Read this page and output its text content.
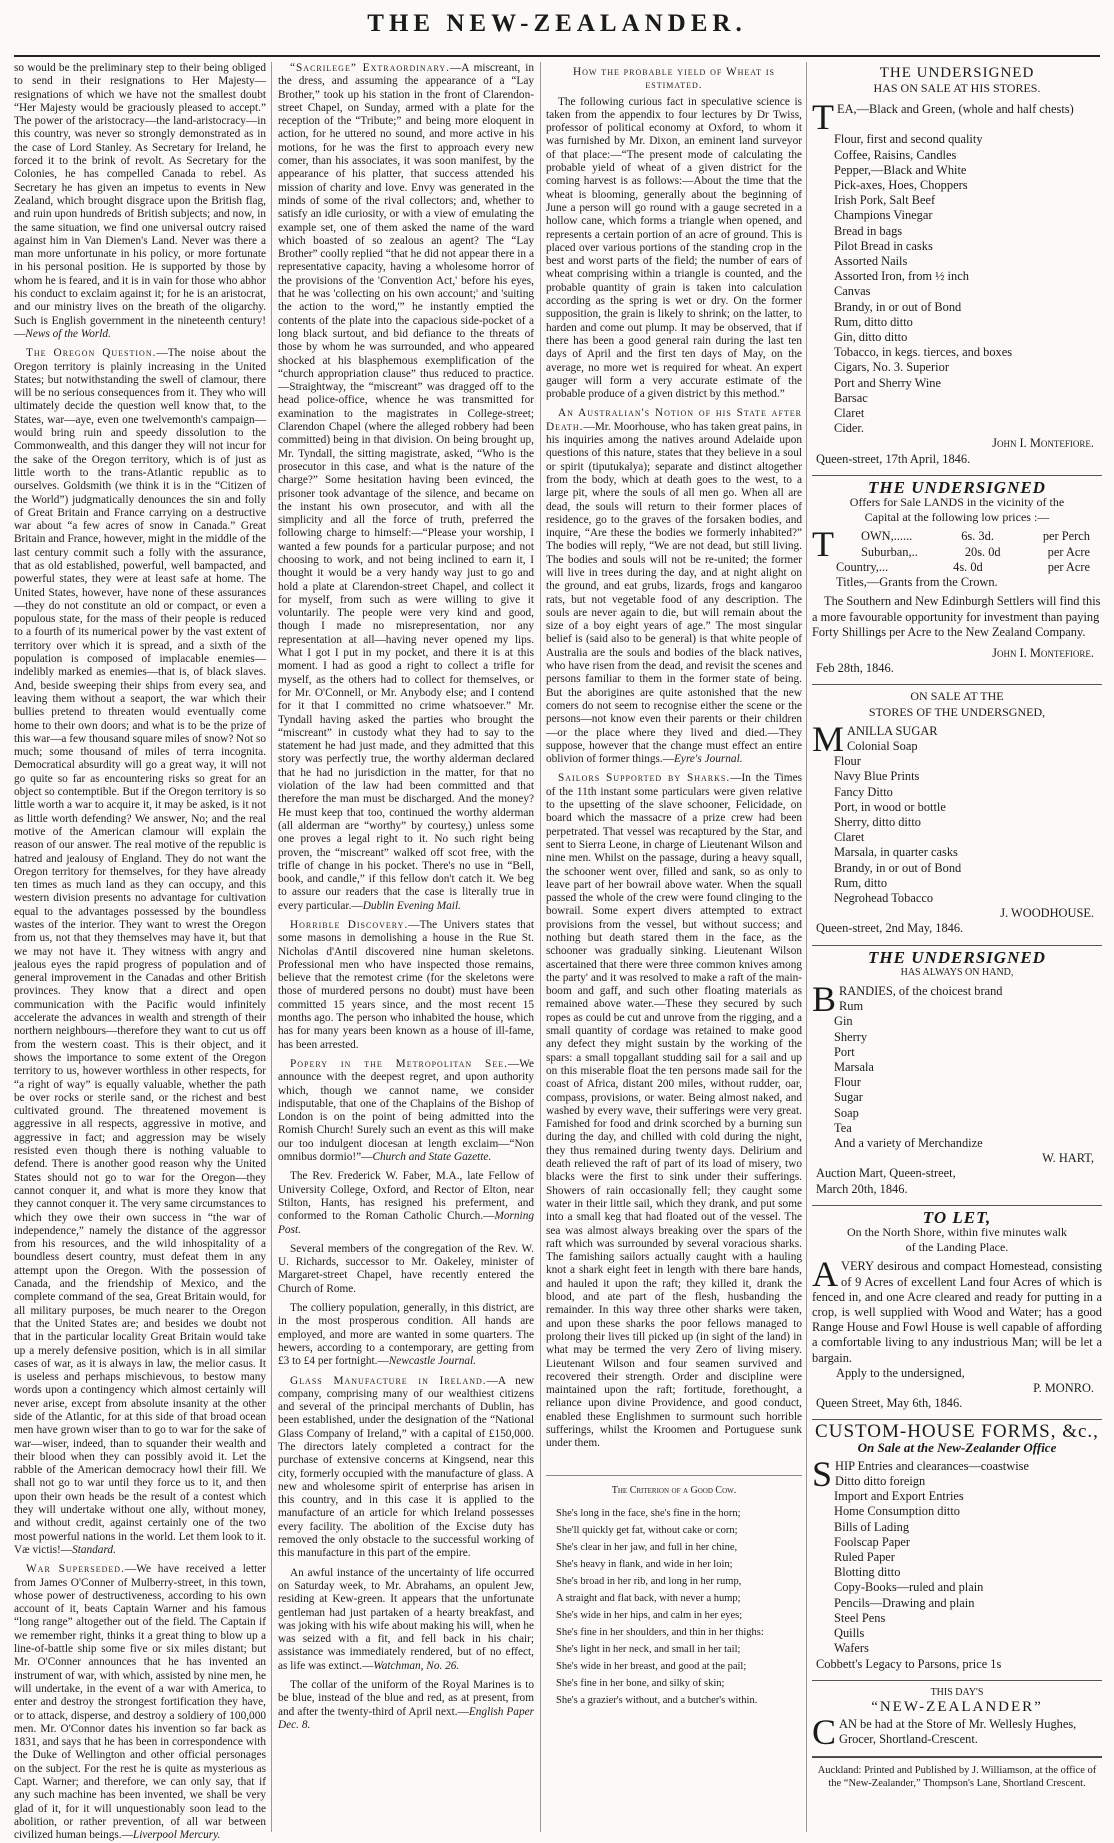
THE NEW-ZEALANDER.

so would be the preliminary step to their being obliged to send in their resignations to Her Majesty—resignations of which we have not the smallest doubt “Her Majesty would be graciously pleased to accept.” The power of the aristocracy—the land-aristocracy—in this country, was never so strongly demonstrated as in the case of Lord Stanley. As Secretary for Ireland, he forced it to the brink of revolt. As Secretary for the Colonies, he has compelled Canada to rebel. As Secretary he has given an impetus to events in New Zealand, which brought disgrace upon the British flag, and ruin upon hundreds of British subjects; and now, in the same situation, we find one universal outcry raised against him in Van Diemen's Land. Never was there a man more unfortunate in his policy, or more fortunate in his personal position. He is supported by those by whom he is feared, and it is in vain for those who abhor his conduct to exclaim against it; for he is an aristocrat, and our ministry lives on the breath of the oligarchy. Such is English government in the nineteenth century!—News of the World.

The Oregon Question.—The noise about the Oregon territory is plainly increasing in the United States; but notwithstanding the swell of clamour, there will be no serious consequences from it. They who will ultimately decide the question well know that, to the States, war—aye, even one twelvemonth's campaign—would bring ruin and speedy dissolution to the Commonwealth, and this danger they will not incur for the sake of the Oregon territory, which is of just as little worth to the trans-Atlantic republic as to ourselves. Goldsmith (we think it is in the “Citizen of the World”) judgmatically denounces the sin and folly of Great Britain and France carrying on a destructive war about “a few acres of snow in Canada.” Great Britain and France, however, might in the middle of the last century commit such a folly with the assurance, that as old established, powerful, well bampacted, and powerful states, they were at least safe at home. The United States, however, have none of these assurances—they do not constitute an old or compact, or even a populous state, for the mass of their people is reduced to a fourth of its numerical power by the vast extent of territory over which it is spread, and a sixth of the population is composed of implacable enemies—indelibly marked as enemies—that is, of black slaves. And, beside sweeping their ships from every sea, and leaving them without a seaport, the war which their bullies pretend to threaten would eventually come home to their own doors; and what is to be the prize of this war—a few thousand square miles of snow? Not so much; some thousand of miles of terra incognita. Democratical absurdity will go a great way, it will not go quite so far as encountering risks so great for an object so contemptible. But if the Oregon territory is so little worth a war to acquire it, it may be asked, is it not as little worth defending? We answer, No; and the real motive of the American clamour will explain the reason of our answer. The real motive of the republic is hatred and jealousy of England. They do not want the Oregon territory for themselves, for they have already ten times as much land as they can occupy, and this western division presents no advantage for cultivation equal to the advantages possessed by the boundless wastes of the interior. They want to wrest the Oregon from us, not that they themselves may have it, but that we may not have it. They witness with angry and jealous eyes the rapid progress of population and of general improvement in the Canadas and other British provinces. They know that a direct and open communication with the Pacific would infinitely accelerate the advances in wealth and strength of their northern neighbours—therefore they want to cut us off from the western coast. This is their object, and it shows the importance to some extent of the Oregon territory to us, however worthless in other respects, for “a right of way” is equally valuable, whether the path be over rocks or sterile sand, or the richest and best cultivated ground. The threatened movement is aggressive in all respects, aggressive in motive, and aggressive in fact; and aggression may be wisely resisted even though there is nothing valuable to defend. There is another good reason why the United States should not go to war for the Oregon—they cannot conquer it, and what is more they know that they cannot conquer it. The very same circumstances to which they owe their own success in “the war of independence,” namely the distance of the aggressor from his resources, and the wild inhospitality of a boundless desert country, must defeat them in any attempt upon the Oregon. With the possession of Canada, and the friendship of Mexico, and the complete command of the sea, Great Britain would, for all military purposes, be much nearer to the Oregon that the United States are; and besides we doubt not that in the particular locality Great Britain would take up a merely defensive position, which is in all similar cases of war, as it is always in law, the melior casus. It is useless and perhaps mischievous, to bestow many words upon a contingency which almost certainly will never arise, except from absolute insanity at the other side of the Atlantic, for at this side of that broad ocean men have grown wiser than to go to war for the sake of war—wiser, indeed, than to squander their wealth and their blood when they can possibly avoid it. Let the rabble of the American democracy howl their fill. We shall not go to war until they force us to it, and then upon their own heads be the result of a contest which they will undertake without one ally, without money, and without credit, against certainly one of the two most powerful nations in the world. Let them look to it. Væ victis!—Standard.

War Superseded.—We have received a letter from James O'Conner of Mulberry-street, in this town, whose power of destructiveness, according to his own account of it, beats Captain Warner and his famous “long range” altogether out of the field. The Captain if we remember right, thinks it a great thing to blow up a line-of-battle ship some five or six miles distant; but Mr. O'Conner announces that he has invented an instrument of war, with which, assisted by nine men, he will undertake, in the event of a war with America, to enter and destroy the strongest fortification they have, or to attack, disperse, and destroy a soldiery of 100,000 men. Mr. O'Connor dates his invention so far back as 1831, and says that he has been in correspondence with the Duke of Wellington and other official personages on the subject. For the rest he is quite as mysterious as Capt. Warner; and therefore, we can only say, that if any such machine has been invented, we shall be very glad of it, for it will unquestionably soon lead to the abolition, or rather prevention, of all war between civilized human beings.—Liverpool Mercury.

“Sacrilege” Extraordinary.—A miscreant, in the dress, and assuming the appearance of a “Lay Brother,” took up his station in the front of Clarendon-street Chapel, on Sunday, armed with a plate for the reception of the “Tribute;” and being more eloquent in action, for he uttered no sound, and more active in his motions, for he was the first to approach every new comer, than his associates, it was soon manifest, by the appearance of his platter, that success attended his mission of charity and love. Envy was generated in the minds of some of the rival collectors; and, whether to satisfy an idle curiosity, or with a view of emulating the example set, one of them asked the name of the ward which boasted of so zealous an agent? The “Lay Brother” coolly replied “that he did not appear there in a representative capacity, having a wholesome horror of the provisions of the 'Convention Act,' before his eyes, that he was 'collecting on his own account;' and 'suiting the action to the word,'” he instantly emptied the contents of the plate into the capacious side-pocket of a long black surtout, and bid defiance to the threats of those by whom he was surrounded, and who appeared shocked at his blasphemous exemplification of the “church appropriation clause” thus reduced to practice.—Straightway, the “miscreant” was dragged off to the head police-office, whence he was transmitted for examination to the magistrates in College-street; Clarendon Chapel (where the alleged robbery had been committed) being in that division. On being brought up, Mr. Tyndall, the sitting magistrate, asked, “Who is the prosecutor in this case, and what is the nature of the charge?” Some hesitation having been evinced, the prisoner took advantage of the silence, and became on the instant his own prosecutor, and with all the simplicity and all the force of truth, preferred the following charge to himself:—“Please your worship, I wanted a few pounds for a particular purpose; and not choosing to work, and not being inclined to earn it, I thought it would be a very handy way just to go and hold a plate at Clarendon-street Chapel, and collect it for myself, from such as were willing to give it voluntarily. The people were very kind and good, though I made no misrepresentation, nor any representation at all—having never opened my lips. What I got I put in my pocket, and there it is at this moment. I had as good a right to collect a trifle for myself, as the others had to collect for themselves, or for Mr. O'Connell, or Mr. Anybody else; and I contend for it that I committed no crime whatsoever.” Mr. Tyndall having asked the parties who brought the “miscreant” in custody what they had to say to the statement he had just made, and they admitted that this story was perfectly true, the worthy alderman declared that he had no jurisdiction in the matter, for that no violation of the law had been committed and that therefore the man must be discharged. And the money? He must keep that too, continued the worthy alderman (all alderman are “worthy” by courtesy,) unless some one proves a legal right to it. No such right being proven, the “miscreant” walked off scot free, with the trifle of change in his pocket. There's no use in “Bell, book, and candle,” if this fellow don't catch it. We beg to assure our readers that the case is literally true in every particular.—Dublin Evening Mail.

Horrible Discovery.—The Univers states that some masons in demolishing a house in the Rue St. Nicholas d'Antil discovered nine human skeletons. Professional men who have inspected those remains, believe that the remotest crime (for the skeletons were those of murdered persons no doubt) must have been committed 15 years since, and the most recent 15 months ago. The person who inhabited the house, which has for many years been known as a house of ill-fame, has been arrested.

Popery in the Metropolitan See.—We announce with the deepest regret, and upon authority which, though we cannot name, we consider indisputable, that one of the Chaplains of the Bishop of London is on the point of being admitted into the Romish Church! Surely such an event as this will make our too indulgent diocesan at length exclaim—“Non omnibus dormio!”—Church and State Gazette.

The Rev. Frederick W. Faber, M.A., late Fellow of University College, Oxford, and Rector of Elton, near Stilton, Hants, has resigned his preferment, and conformed to the Roman Catholic Church.—Morning Post.

Several members of the congregation of the Rev. W. U. Richards, successor to Mr. Oakeley, minister of Margaret-street Chapel, have recently entered the Church of Rome.

The colliery population, generally, in this district, are in the most prosperous condition. All hands are employed, and more are wanted in some quarters. The hewers, according to a contemporary, are getting from £3 to £4 per fortnight.—Newcastle Journal.

Glass Manufacture in Ireland.—A new company, comprising many of our wealthiest citizens and several of the principal merchants of Dublin, has been established, under the designation of the “National Glass Company of Ireland,” with a capital of £150,000. The directors lately completed a contract for the purchase of extensive concerns at Kingsend, near this city, formerly occupied with the manufacture of glass. A new and wholesome spirit of enterprise has arisen in this country, and in this case it is applied to the manufacture of an article for which Ireland possesses every facility. The abolition of the Excise duty has removed the only obstacle to the successful working of this manufacture in this part of the empire.

An awful instance of the uncertainty of life occurred on Saturday week, to Mr. Abrahams, an opulent Jew, residing at Kew-green. It appears that the unfortunate gentleman had just partaken of a hearty breakfast, and was joking with his wife about making his will, when he was seized with a fit, and fell back in his chair; assistance was immediately rendered, but of no effect, as life was extinct.—Watchman, No. 26.

The collar of the uniform of the Royal Marines is to be blue, instead of the blue and red, as at present, from and after the twenty-third of April next.—English Paper Dec. 8.

How the probable yield of Wheat is estimated.

The following curious fact in speculative science is taken from the appendix to four lectures by Dr Twiss, professor of political economy at Oxford, to whom it was furnished by Mr. Dixon, an eminent land surveyor of that place:—“The present mode of calculating the probable yield of wheat of a given district for the coming harvest is as follows:—About the time that the wheat is blooming, generally about the beginning of June a person will go round with a gauge secreted in a hollow cane, which forms a triangle when opened, and represents a certain portion of an acre of ground. This is placed over various portions of the standing crop in the best and worst parts of the field; the number of ears of wheat comprising within a triangle is counted, and the probable quantity of grain is taken into calculation according as the spring is wet or dry. On the former supposition, the grain is likely to shrink; on the latter, to harden and come out plump. It may be observed, that if there has been a good general rain during the last ten days of April and the first ten days of May, on the average, no more wet is required for wheat. An expert gauger will form a very accurate estimate of the probable produce of a given district by this method.”

An Australian's Notion of his State after Death.—Mr. Moorhouse, who has taken great pains, in his inquiries among the natives around Adelaide upon questions of this nature, states that they believe in a soul or spirit (tiputukalya); separate and distinct altogether from the body, which at death goes to the west, to a large pit, where the souls of all men go. When all are dead, the souls will return to their former places of residence, go to the graves of the forsaken bodies, and inquire, “Are these the bodies we formerly inhabited?” The bodies will reply, “We are not dead, but still living. The bodies and souls will not be re-united; the former will live in trees during the day, and at night alight on the ground, and eat grubs, lizards, frogs and kangaroo rats, but not vegetable food of any description. The souls are never again to die, but will remain about the size of a boy eight years of age.” The most singular belief is (said also to be general) is that white people of Australia are the souls and bodies of the black natives, who have risen from the dead, and revisit the scenes and persons familiar to them in the former state of being. But the aborigines are quite astonished that the new comers do not seem to recognise either the scene or the persons—not know even their parents or their children—or the place where they lived and died.—They suppose, however that the change must effect an entire oblivion of former things.—Eyre's Journal.

Sailors Supported by Sharks.—In the Times of the 11th instant some particulars were given relative to the upsetting of the slave schooner, Felicidade, on board which the massacre of a prize crew had been perpetrated. That vessel was recaptured by the Star, and sent to Sierra Leone, in charge of Lieutenant Wilson and nine men. Whilst on the passage, during a heavy squall, the schooner went over, filled and sank, so as only to leave part of her bowrail above water. When the squall passed the whole of the crew were found clinging to the bowrail. Some expert divers attempted to extract provisions from the vessel, but without success; and nothing but death stared them in the face, as the schooner was gradually sinking. Lieutenant Wilson ascertained that there were three common knives among the party' and it was resolved to make a raft of the main-boom and gaff, and such other floating materials as remained above water.—These they secured by such ropes as could be cut and unrove from the rigging, and a small quantity of cordage was retained to make good any defect they might sustain by the working of the spars: a small topgallant studding sail for a sail and up on this miserable float the ten persons made sail for the coast of Africa, distant 200 miles, without rudder, oar, compass, provisions, or water. Being almost naked, and washed by every wave, their sufferings were very great. Famished for food and drink scorched by a burning sun during the day, and chilled with cold during the night, they thus remained during twenty days. Delirium and death relieved the raft of part of its load of misery, two blacks were the first to sink under their sufferings. Showers of rain occasionally fell; they caught some water in their little sail, which they drank, and put some into a small keg that had floated out of the vessel. The sea was almost always breaking over the spars of the raft which was surrounded by several voracious sharks. The famishing sailors actually caught with a hauling knot a shark eight feet in length with there bare hands, and hauled it upon the raft; they killed it, drank the blood, and ate part of the flesh, husbanding the remainder. In this way three other sharks were taken, and upon these sharks the poor fellows managed to prolong their lives till picked up (in sight of the land) in what may be termed the very Zero of living misery. Lieutenant Wilson and four seamen survived and recovered their strength. Order and discipline were maintained upon the raft; fortitude, forethought, a reliance upon divine Providence, and good conduct, enabled these Englishmen to surmount such horrible sufferings, whilst the Kroomen and Portuguese sunk under them.

The Criterion of a Good Cow.
She's long in the face, she's fine in the horn;
She'll quickly get fat, without cake or corn;
She's clear in her jaw, and full in her chine,
She's heavy in flank, and wide in her loin;
She's broad in her rib, and long in her rump,
A straight and flat back, with never a hump;
She's wide in her hips, and calm in her eyes;
She's fine in her shoulders, and thin in her thighs:
She's light in her neck, and small in her tail;
She's wide in her breast, and good at the pail;
She's fine in her bone, and silky of skin;
She's a grazier's without, and a butcher's within.
THE UNDERSIGNED
HAS ON SALE AT HIS STORES.
TEA,—Black and Green, (whole and half chests)
Flour, first and second quality
Coffee, Raisins, Candles
Pepper,—Black and White
Pick-axes, Hoes, Choppers
Irish Pork, Salt Beef
Champions Vinegar
Bread in bags
Pilot Bread in casks
Assorted Nails
Assorted Iron, from ½ inch
Canvas
Brandy, in or out of Bond
Rum, ditto ditto
Gin, ditto ditto
Tobacco, in kegs. tierces, and boxes
Cigars, No. 3. Superior
Port and Sherry Wine
Barsac
Claret
Cider.
John I. Montefiore.
Queen-street, 17th April, 1846.
THE UNDERSIGNED
Offers for Sale LANDS in the vicinity of the
Capital at the following low prices :—
T OWN,......	6s. 3d.	per Perch
Suburban,..	20s. 0d	per Acre
Country,...	4s. 0d	per Acre
Titles,—Grants from the Crown.

The Southern and New Edinburgh Settlers will find this a more favourable opportunity for investment than paying Forty Shillings per Acre to the New Zealand Company.

John I. Montefiore.
Feb 28th, 1846.
ON SALE AT THE
STORES OF THE UNDERSGNED,
MANILLA SUGAR
Colonial Soap
Flour
Navy Blue Prints
Fancy Ditto
Port, in wood or bottle
Sherry, ditto ditto
Claret
Marsala, in quarter casks
Brandy, in or out of Bond
Rum, ditto
Negrohead Tobacco
J. WOODHOUSE.
Queen-street, 2nd May, 1846.
THE UNDERSIGNED
HAS ALWAYS ON HAND,
BRANDIES, of the choicest brand
Rum
Gin
Sherry
Port
Marsala
Flour
Sugar
Soap
Tea
And a variety of Merchandize
W. HART,
Auction Mart, Queen-street,
March 20th, 1846.
TO LET,
On the North Shore, within five minutes walk
of the Landing Place.
AVERY desirous and compact Homestead, consisting of 9 Acres of excellent Land four Acres of which is fenced in, and one Acre cleared and ready for putting in a crop, is well supplied with Wood and Water; has a good Range House and Fowl House is well capable of affording a comfortable living to any industrious Man; will be let a bargain.
Apply to the undersigned,
P. MONRO.
Queen Street, May 6th, 1846.
CUSTOM-HOUSE FORMS, &c.,
On Sale at the New-Zealander Office
SHIP Entries and clearances—coastwise
Ditto ditto foreign
Import and Export Entries
Home Consumption ditto
Bills of Lading
Foolscap Paper
Ruled Paper
Blotting ditto
Copy-Books—ruled and plain
Pencils—Drawing and plain
Steel Pens
Quills
Wafers
Cobbett's Legacy to Parsons, price 1s
THIS DAY'S
“NEW-ZEALANDER”
CAN be had at the Store of Mr. Wellesly Hughes, Grocer, Shortland-Crescent.
Auckland: Printed and Published by J. Williamson, at the office of the “New-Zealander,” Thompson's Lane, Shortland Crescent.
